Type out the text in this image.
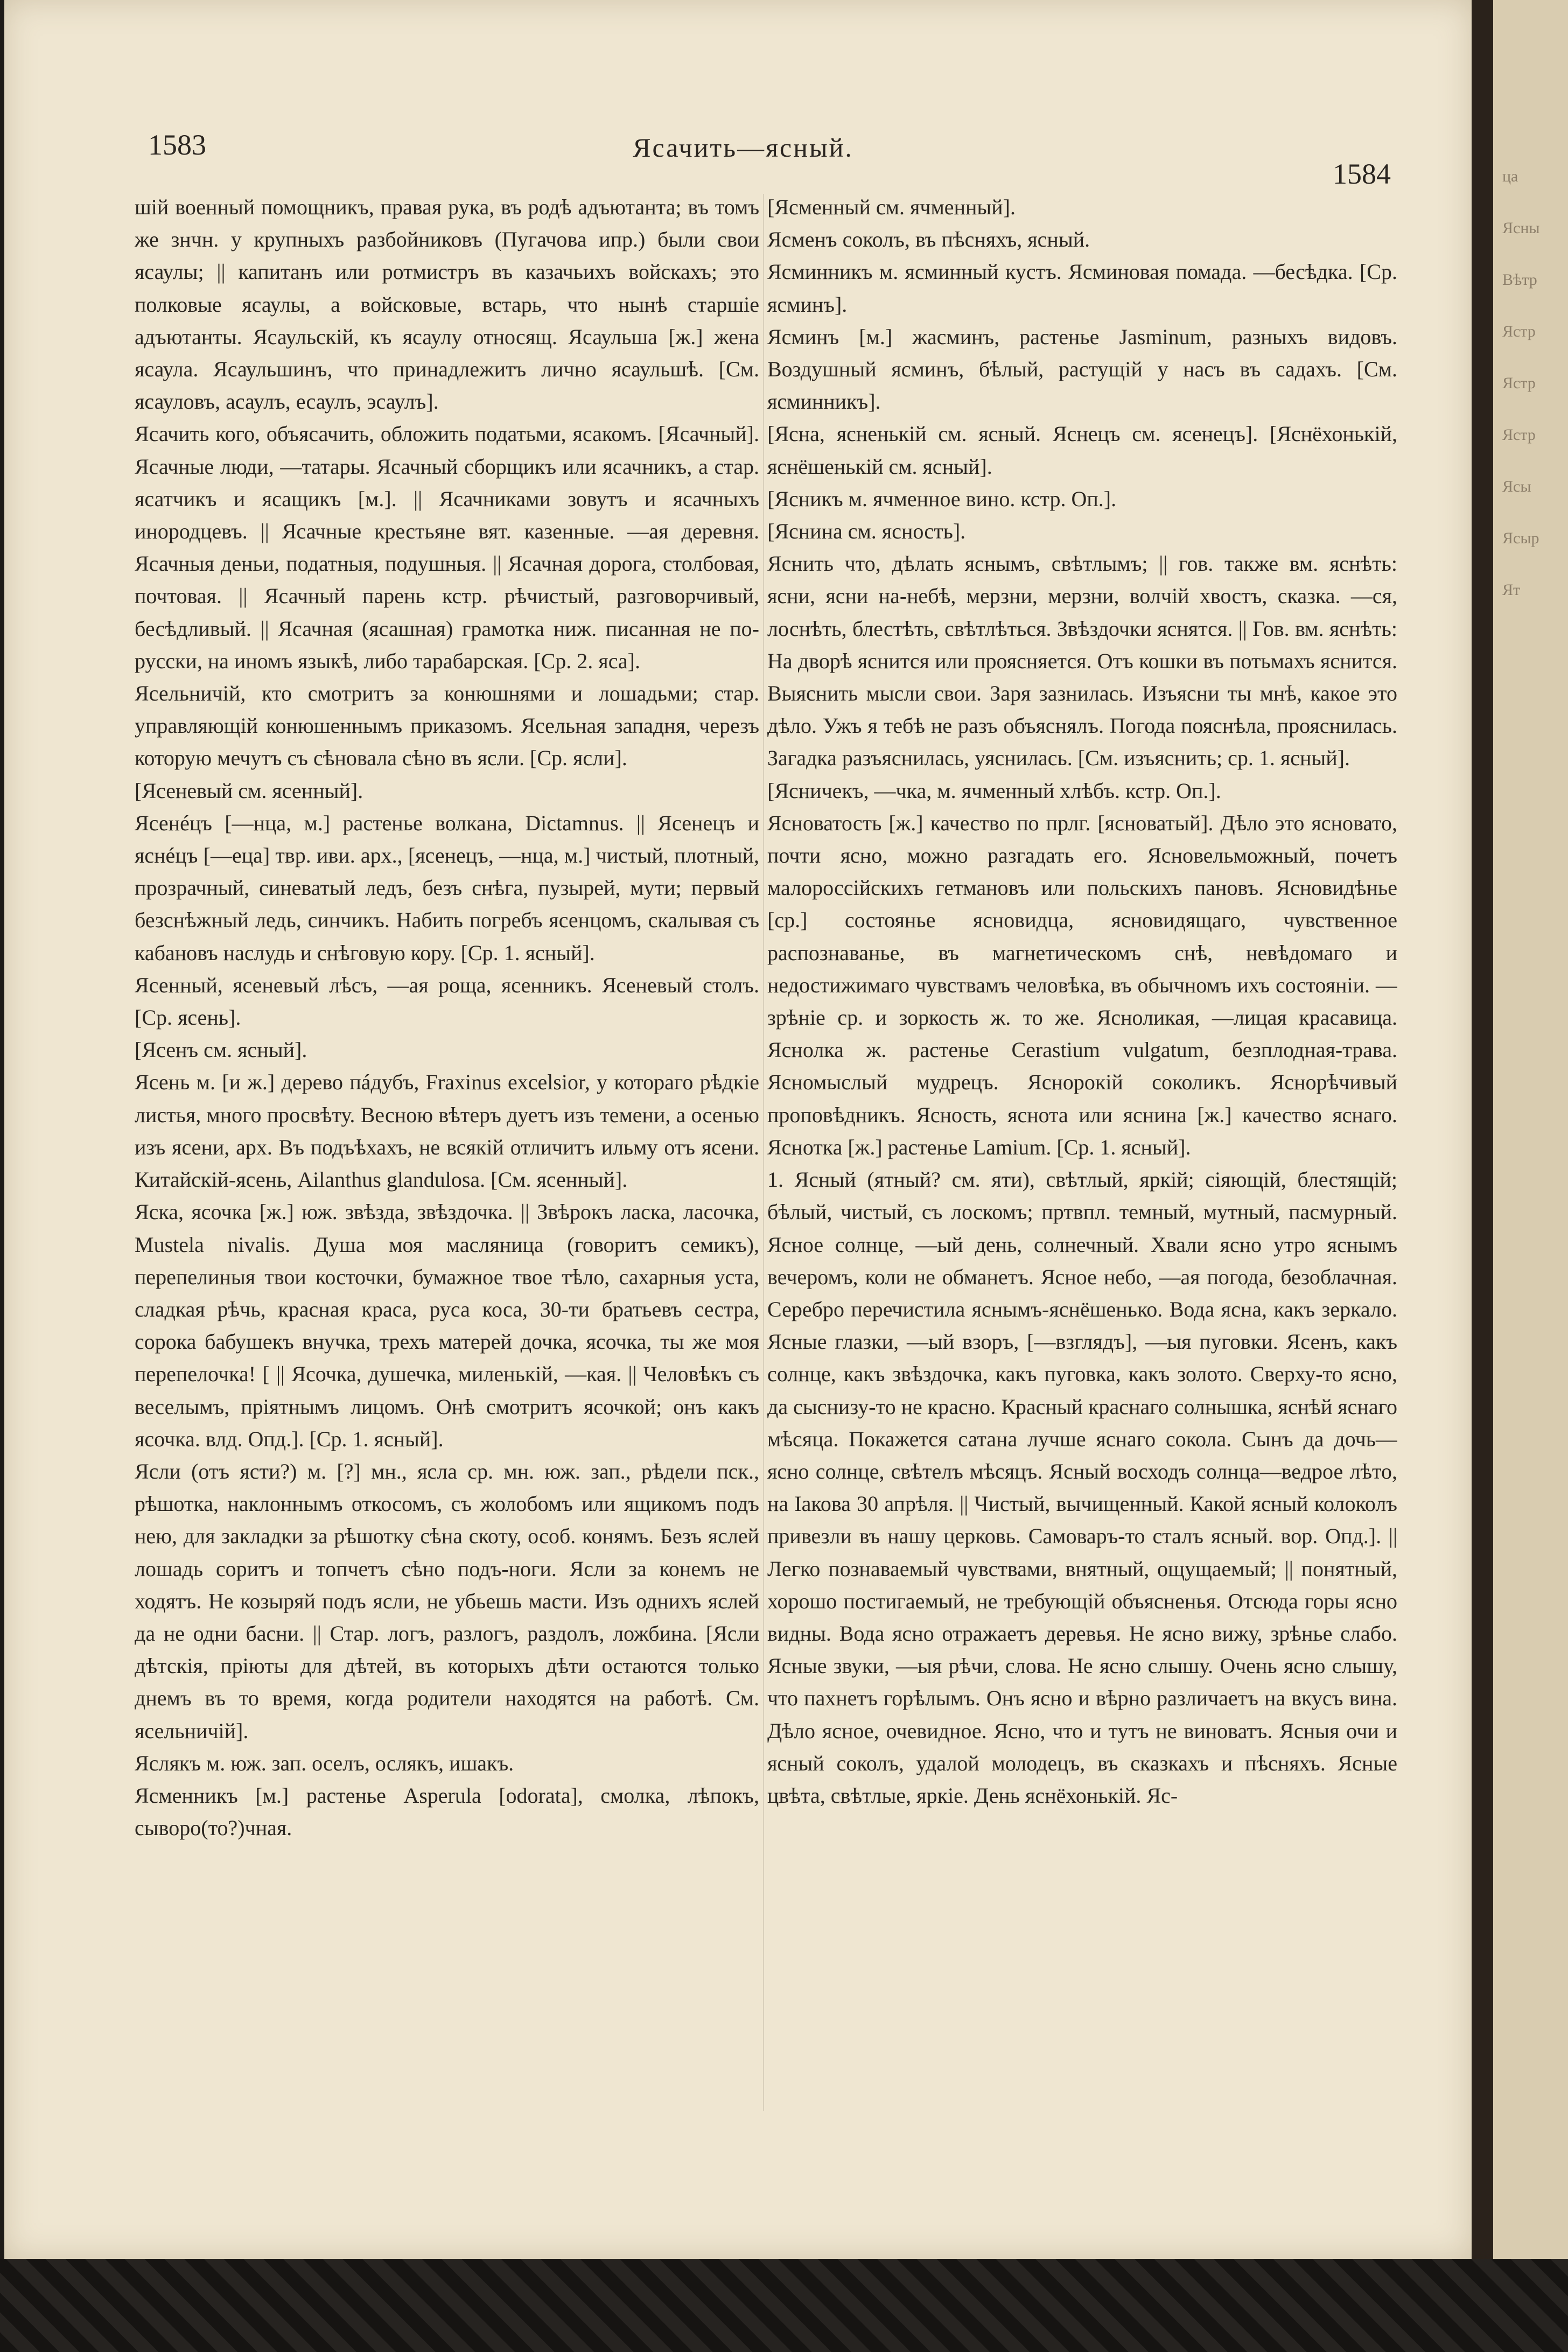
ца
Ясны
Вѣтр
Ястр
Ястр
Ястр
Ясы
Ясыр
Ят
1583	Ясачить—ясный.
1584

шій военный помощникъ, правая рука, въ родѣ адъютанта; въ томъ же знчн. у крупныхъ разбойниковъ (Пугачова ипр.) были свои ясаулы; || капитанъ или ротмистръ въ казачьихъ войскахъ; это полковые ясаулы, а войсковые, встарь, что нынѣ старшіе адъютанты. Ясаульскій, къ ясаулу относящ. Ясаульша [ж.] жена ясаула. Ясаульшинъ, что принадлежитъ лично ясаульшѣ. [См. ясауловъ, асаулъ, есаулъ, эсаулъ].

Ясачить кого, объясачить, обложить податьми, ясакомъ. [Ясачный]. Ясачные люди, —татары. Ясачный сборщикъ или ясачникъ, а стар. ясатчикъ и ясащикъ [м.]. || Ясачниками зовутъ и ясачныхъ инородцевъ. || Ясачные крестьяне вят. казенные. —ая деревня. Ясачныя деньи, податныя, подушныя. || Ясачная дорога, столбовая, почтовая. || Ясачный парень кстр. рѣчистый, разговорчивый, бесѣдливый. || Ясачная (ясашная) грамотка ниж. писанная не по-русски, на иномъ языкѣ, либо тарабарская. [Ср. 2. яса].

Ясельничій, кто смотритъ за конюшнями и лошадьми; стар. управляющій конюшеннымъ приказомъ. Ясельная западня, черезъ которую мечутъ съ сѣновала сѣно въ ясли. [Ср. ясли].

[Ясеневый см. ясенный].

Ясенéцъ [—нца, м.] растенье волкана, Dictamnus. || Ясенецъ и яснéцъ [—еца] твр. иви. арх., [ясенецъ, —нца, м.] чистый, плотный, прозрачный, синеватый ледъ, безъ снѣга, пузырей, мути; первый безснѣжный ледь, синчикъ. Набить погребъ ясенцомъ, скалывая съ кабановъ наслудь и снѣговую кору. [Ср. 1. ясный].

Ясенный, ясеневый лѣсъ, —ая роща, ясенникъ. Ясеневый столъ. [Ср. ясень].

[Ясенъ см. ясный].

Ясень м. [и ж.] дерево пáдубъ, Fraxinus excelsior, у котораго рѣдкіе листья, много просвѣту. Весною вѣтеръ дуетъ изъ темени, а осенью изъ ясени, арх. Въ подъѣхахъ, не всякій отличитъ ильму отъ ясени. Китайскій-ясень, Ailanthus glandulosa. [См. ясенный].

Яска, ясочка [ж.] юж. звѣзда, звѣздочка. || Звѣрокъ ласка, ласочка, Mustela nivalis. Душа моя масляница (говоритъ семикъ), перепелиныя твои косточки, бумажное твое тѣло, сахарныя уста, сладкая рѣчь, красная краса, руса коса, 30-ти братьевъ сестра, сорока бабушекъ внучка, трехъ матерей дочка, ясочка, ты же моя перепелочка! [ || Ясочка, душечка, миленькій, —кая. || Человѣкъ съ веселымъ, пріятнымъ лицомъ. Онѣ смотритъ ясочкой; онъ какъ ясочка. влд. Опд.]. [Ср. 1. ясный].

Ясли (отъ ясти?) м. [?] мн., ясла ср. мн. юж. зап., рѣдели пск., рѣшотка, наклоннымъ откосомъ, съ жолобомъ или ящикомъ подъ нею, для закладки за рѣшотку сѣна скоту, особ. конямъ. Безъ яслей лошадь соритъ и топчетъ сѣно подъ-ноги. Ясли за конемъ не ходятъ. Не козыряй подъ ясли, не убьешь масти. Изъ однихъ яслей да не одни басни. || Стар. логъ, разлогъ, раздолъ, ложбина. [Ясли дѣтскія, пріюты для дѣтей, въ которыхъ дѣти остаются только днемъ въ то время, когда родители находятся на работѣ. См. ясельничій].

Яслякъ м. юж. зап. оселъ, ослякъ, ишакъ.

Ясменникъ [м.] растенье Asperula [odorata], смолка, лѣпокъ, сыворо(то?)чная.

[Ясменный см. ячменный].

Ясменъ соколъ, въ пѣсняхъ, ясный.

Ясминникъ м. ясминный кустъ. Ясминовая помада. —бесѣдка. [Ср. ясминъ].

Ясминъ [м.] жасминъ, растенье Jasminum, разныхъ видовъ. Воздушный ясминъ, бѣлый, растущій у насъ въ садахъ. [См. ясминникъ].

[Ясна, ясненькій см. ясный. Яснецъ см. ясенецъ]. [Яснёхонькій, яснёшенькій см. ясный].

[Ясникъ м. ячменное вино. кстр. Оп.].

[Яснина см. ясность].

Яснить что, дѣлать яснымъ, свѣтлымъ; || гов. также вм. яснѣть: ясни, ясни на-небѣ, мерзни, мерзни, волчій хвостъ, сказка. —ся, лоснѣть, блестѣть, свѣтлѣться. Звѣздочки яснятся. || Гов. вм. яснѣть: На дворѣ яснится или проясняется. Отъ кошки въ потьмахъ яснится. Выяснить мысли свои. Заря зазнилась. Изъясни ты мнѣ, какое это дѣло. Ужъ я тебѣ не разъ объяснялъ. Погода пояснѣла, прояснилась. Загадка разъяснилась, уяснилась. [См. изъяснить; ср. 1. ясный].

[Ясничекъ, —чка, м. ячменный хлѣбъ. кстр. Оп.].

Ясноватость [ж.] качество по прлг. [ясноватый]. Дѣло это ясновато, почти ясно, можно разгадать его. Ясновельможный, почетъ малороссійскихъ гетмановъ или польскихъ пановъ. Ясновидѣнье [ср.] состоянье ясновидца, ясновидящаго, чувственное распознаванье, въ магнетическомъ снѣ, невѣдомаго и недостижимаго чувствамъ человѣка, въ обычномъ ихъ состояніи. —зрѣніе ср. и зоркость ж. то же. Ясноликая, —лицая красавица. Яснолка ж. растенье Cerastium vulgatum, безплодная-трава. Ясномыслый мудрецъ. Яснорокій соколикъ. Яснорѣчивый проповѣдникъ. Ясность, яснота или яснина [ж.] качество яснаго. Яснотка [ж.] растенье Lamium. [Ср. 1. ясный].

1. Ясный (ятный? см. яти), свѣтлый, яркій; сіяющій, блестящій; бѣлый, чистый, съ лоскомъ; пртвпл. темный, мутный, пасмурный. Ясное солнце, —ый день, солнечный. Хвали ясно утро яснымъ вечеромъ, коли не обманетъ. Ясное небо, —ая погода, безоблачная. Серебро перечистила яснымъ-яснёшенько. Вода ясна, какъ зеркало. Ясные глазки, —ый взоръ, [—взглядъ], —ыя пуговки. Ясенъ, какъ солнце, какъ звѣздочка, какъ пуговка, какъ золото. Сверху-то ясно, да сыснизу-то не красно. Красный краснаго солнышка, яснѣй яснаго мѣсяца. Покажется сатана лучше яснаго сокола. Сынъ да дочь—ясно солнце, свѣтелъ мѣсяцъ. Ясный восходъ солнца—ведрое лѣто, на Іакова 30 апрѣля. || Чистый, вычищенный. Какой ясный колоколъ привезли въ нашу церковь. Самоваръ-то сталъ ясный. вор. Опд.]. || Легко познаваемый чувствами, внятный, ощущаемый; || понятный, хорошо постигаемый, не требующій объясненья. Отсюда горы ясно видны. Вода ясно отражаетъ деревья. Не ясно вижу, зрѣнье слабо. Ясные звуки, —ыя рѣчи, слова. Не ясно слышу. Очень ясно слышу, что пахнетъ горѣлымъ. Онъ ясно и вѣрно различаетъ на вкусъ вина. Дѣло ясное, очевидное. Ясно, что и тутъ не виноватъ. Ясныя очи и ясный соколъ, удалой молодецъ, въ сказкахъ и пѣсняхъ. Ясные цвѣта, свѣтлые, яркіе. День яснёхонькій. Яс-
